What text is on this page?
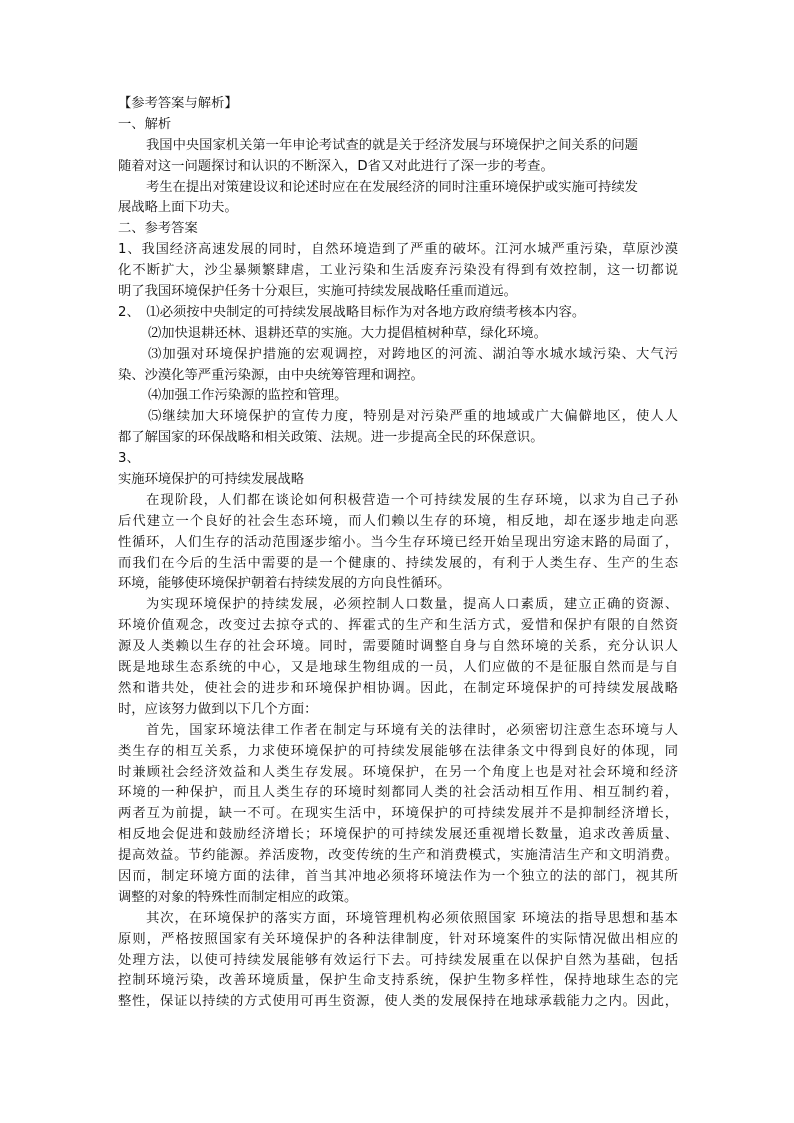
【参考答案与解析】
一、解析
我国中央国家机关第一年申论考试查的就是关于经济发展与环境保护之间关系的问题
随着对这一问题探讨和认识的不断深入，D省又对此进行了深一步的考查。
考生在提出对策建设议和论述时应在在发展经济的同时注重环境保护或实施可持续发
展战略上面下功夫。
二、参考答案
1、我国经济高速发展的同时，自然环境造到了严重的破坏。江河水城严重污染，草原沙漠
化不断扩大，沙尘暴频繁肆虐，工业污染和生活废弃污染没有得到有效控制，这一切都说
明了我国环境保护任务十分艰巨，实施可持续发展战略任重而道远。
2、　⑴必须按中央制定的可持续发展战略目标作为对各地方政府绩考核本内容。
⑵加快退耕还林、退耕还草的实施。大力提倡植树种草，绿化环境。
⑶加强对环境保护措施的宏观调控，对跨地区的河流、湖泊等水城水域污染、大气污
染、沙漠化等严重污染源，由中央统筹管理和调控。
⑷加强工作污染源的监控和管理。
⑸继续加大环境保护的宣传力度，特别是对污染严重的地域或广大偏僻地区，使人人
都了解国家的环保战略和相关政策、法规。进一步提高全民的环保意识。
3、
实施环境保护的可持续发展战略
在现阶段，人们都在谈论如何积极营造一个可持续发展的生存环境，以求为自己子孙
后代建立一个良好的社会生态环境，而人们赖以生存的环境，相反地，却在逐步地走向恶
性循环，人们生存的活动范围逐步缩小。当今生存环境已经开始呈现出穷途末路的局面了，
而我们在今后的生活中需要的是一个健康的、持续发展的，有利于人类生存、生产的生态
环境，能够使环境保护朝着右持续发展的方向良性循环。
为实现环境保护的持续发展，必须控制人口数量，提高人口素质，建立正确的资源、
环境价值观念，改变过去掠夺式的、挥霍式的生产和生活方式，爱惜和保护有限的自然资
源及人类赖以生存的社会环境。同时，需要随时调整自身与自然环境的关系，充分认识人
既是地球生态系统的中心，又是地球生物组成的一员，人们应做的不是征服自然而是与自
然和谐共处，使社会的进步和环境保护相协调。因此，在制定环境保护的可持续发展战略
时，应该努力做到以下几个方面：
首先，国家环境法律工作者在制定与环境有关的法律时，必须密切注意生态环境与人
类生存的相互关系，力求使环境保护的可持续发展能够在法律条文中得到良好的体现，同
时兼顾社会经济效益和人类生存发展。环境保护，在另一个角度上也是对社会环境和经济
环境的一种保护，而且人类生存的环境时刻都同人类的社会活动相互作用、相互制约着，
两者互为前提，缺一不可。在现实生活中，环境保护的可持续发展并不是抑制经济增长，
相反地会促进和鼓励经济增长；环境保护的可持续发展还重视增长数量，追求改善质量、
提高效益。节约能源。养活废物，改变传统的生产和消费模式，实施清洁生产和文明消费。
因而，制定环境方面的法律，首当其冲地必须将环境法作为一个独立的法的部门，视其所
调整的对象的特殊性而制定相应的政策。
其次，在环境保护的落实方面，环境管理机构必须依照国家 环境法的指导思想和基本
原则，严格按照国家有关环境保护的各种法律制度，针对环境案件的实际情况做出相应的
处理方法，以使可持续发展能够有效运行下去。可持续发展重在以保护自然为基础，包括
控制环境污染，改善环境质量，保护生命支持系统，保护生物多样性，保持地球生态的完
整性，保证以持续的方式使用可再生资源，使人类的发展保持在地球承载能力之内。因此，
